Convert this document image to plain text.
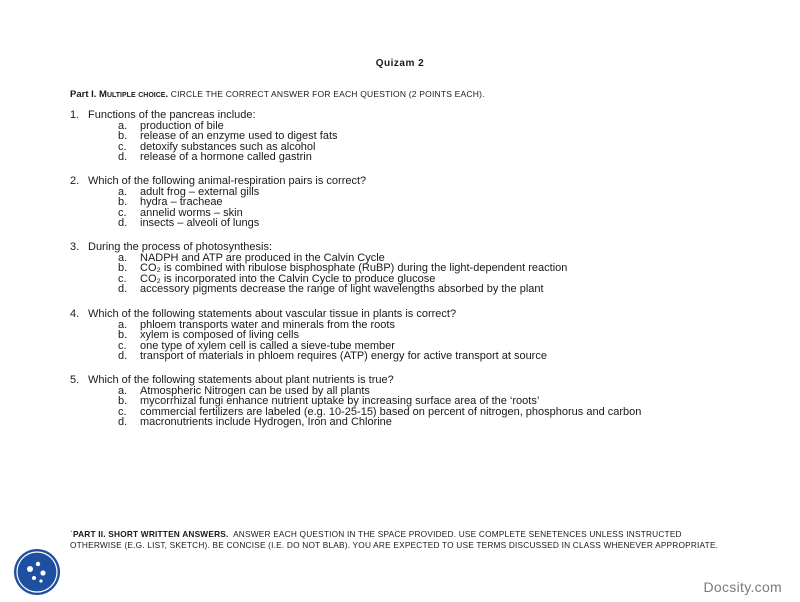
Quizam 2
Part I. Multiple choice. CIRCLE THE CORRECT ANSWER FOR EACH QUESTION (2 POINTS EACH).
1. Functions of the pancreas include:
a.	production of bile
b.	release of an enzyme used to digest fats
c.	detoxify substances such as alcohol
d.	release of a hormone called gastrin
2. Which of the following animal-respiration pairs is correct?
a.	adult frog – external gills
b.	hydra – tracheae
c.	annelid worms – skin
d.	insects – alveoli of lungs
3. During the process of photosynthesis:
a.	NADPH and ATP are produced in the Calvin Cycle
b.	CO₂ is combined with ribulose bisphosphate (RuBP) during the light-dependent reaction
c.	CO₂ is incorporated into the Calvin Cycle to produce glucose
d.	accessory pigments decrease the range of light wavelengths absorbed by the plant
4. Which of the following statements about vascular tissue in plants is correct?
a.	phloem transports water and minerals from the roots
b.	xylem is composed of living cells
c.	one type of xylem cell is called a sieve-tube member
d.	transport of materials in phloem requires (ATP) energy for active transport at source
5. Which of the following statements about plant nutrients is true?
a.	Atmospheric Nitrogen can be used by all plants
b.	mycorrhizal fungi enhance nutrient uptake by increasing surface area of the ‘roots’
c.	commercial fertilizers are labeled (e.g. 10-25-15) based on percent of nitrogen, phosphorus and carbon
d.	macronutrients include Hydrogen, Iron and Chlorine
`PART II. SHORT WRITTEN ANSWERS. ANSWER EACH QUESTION IN THE SPACE PROVIDED. USE COMPLETE SENETENCES UNLESS INSTRUCTED OTHERWISE (E.G. LIST, SKETCH). BE CONCISE (I.E. DO NOT BLAB). YOU ARE EXPECTED TO USE TERMS DISCUSSED IN CLASS WHENEVER APPROPRIATE.
Docsity.com
